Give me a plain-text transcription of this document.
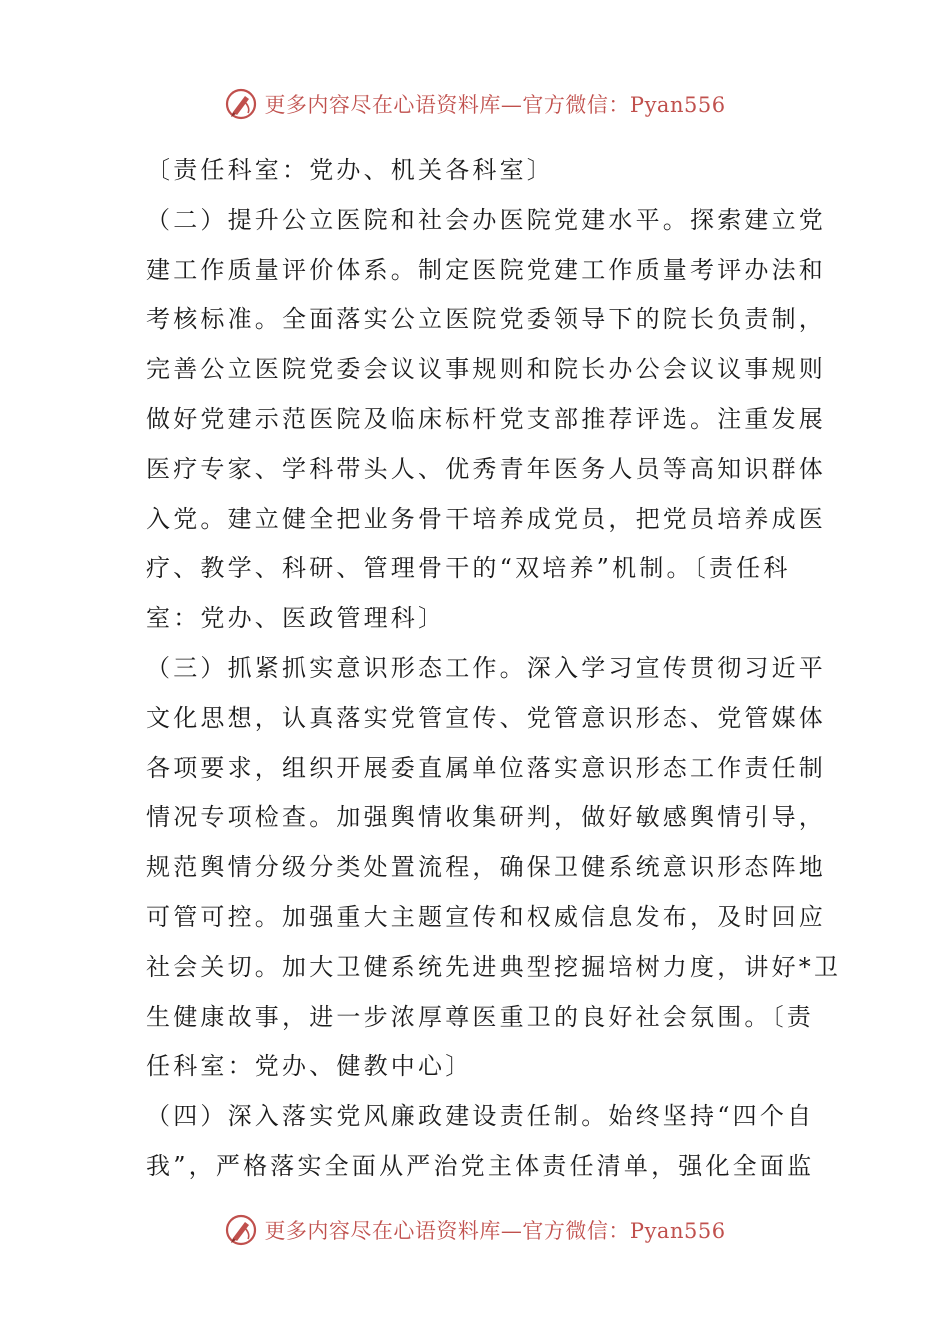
更多内容尽在心语资料库—官方微信：Pyan556
〔责任科室：党办、机关各科室〕
（二）提升公立医院和社会办医院党建水平。探索建立党
建工作质量评价体系。制定医院党建工作质量考评办法和
考核标准。全面落实公立医院党委领导下的院长负责制，
完善公立医院党委会议议事规则和院长办公会议议事规则
做好党建示范医院及临床标杆党支部推荐评选。注重发展
医疗专家、学科带头人、优秀青年医务人员等高知识群体
入党。建立健全把业务骨干培养成党员，把党员培养成医
疗、教学、科研、管理骨干的“双培养”机制。〔责任科
室：党办、医政管理科〕
（三）抓紧抓实意识形态工作。深入学习宣传贯彻习近平
文化思想，认真落实党管宣传、党管意识形态、党管媒体
各项要求，组织开展委直属单位落实意识形态工作责任制
情况专项检查。加强舆情收集研判，做好敏感舆情引导，
规范舆情分级分类处置流程，确保卫健系统意识形态阵地
可管可控。加强重大主题宣传和权威信息发布，及时回应
社会关切。加大卫健系统先进典型挖掘培树力度，讲好*卫
生健康故事，进一步浓厚尊医重卫的良好社会氛围。〔责
任科室：党办、健教中心〕
（四）深入落实党风廉政建设责任制。始终坚持“四个自
我”，严格落实全面从严治党主体责任清单，强化全面监
更多内容尽在心语资料库—官方微信：Pyan556
